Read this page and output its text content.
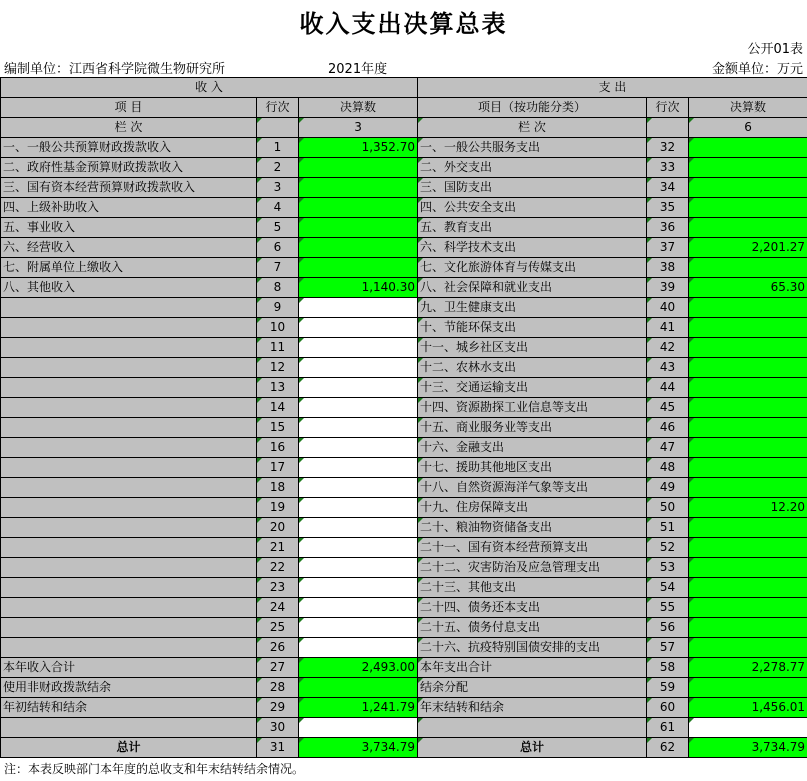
收入支出决算总表
公开01表
编制单位：江西省科学院微生物研究所	2021年度	金额单位：万元
收 入			支 出		
项 目	行次	决算数	项目（按功能分类）	行次	决算数
栏 次		3	栏 次		6
一、一般公共预算财政拨款收入	1	1,352.70	一、一般公共服务支出	32	
二、政府性基金预算财政拨款收入	2		二、外交支出	33	
三、国有资本经营预算财政拨款收入	3		三、国防支出	34	
四、上级补助收入	4		四、公共安全支出	35	
五、事业收入	5		五、教育支出	36	
六、经营收入	6		六、科学技术支出	37	2,201.27
七、附属单位上缴收入	7		七、文化旅游体育与传媒支出	38	
八、其他收入	8	1,140.30	八、社会保障和就业支出	39	65.30
	9		九、卫生健康支出	40	
	10		十、节能环保支出	41	
	11		十一、城乡社区支出	42	
	12		十二、农林水支出	43	
	13		十三、交通运输支出	44	
	14		十四、资源勘探工业信息等支出	45	
	15		十五、商业服务业等支出	46	
	16		十六、金融支出	47	
	17		十七、援助其他地区支出	48	
	18		十八、自然资源海洋气象等支出	49	
	19		十九、住房保障支出	50	12.20
	20		二十、粮油物资储备支出	51	
	21		二十一、国有资本经营预算支出	52	
	22		二十二、灾害防治及应急管理支出	53	
	23		二十三、其他支出	54	
	24		二十四、债务还本支出	55	
	25		二十五、债务付息支出	56	
	26		二十六、抗疫特别国债安排的支出	57	
本年收入合计	27	2,493.00	本年支出合计	58	2,278.77
使用非财政拨款结余	28		结余分配	59	
年初结转和结余	29	1,241.79	年末结转和结余	60	1,456.01
	30			61	
总计	31	3,734.79	总计	62	3,734.79
注：本表反映部门本年度的总收支和年末结转结余情况。
